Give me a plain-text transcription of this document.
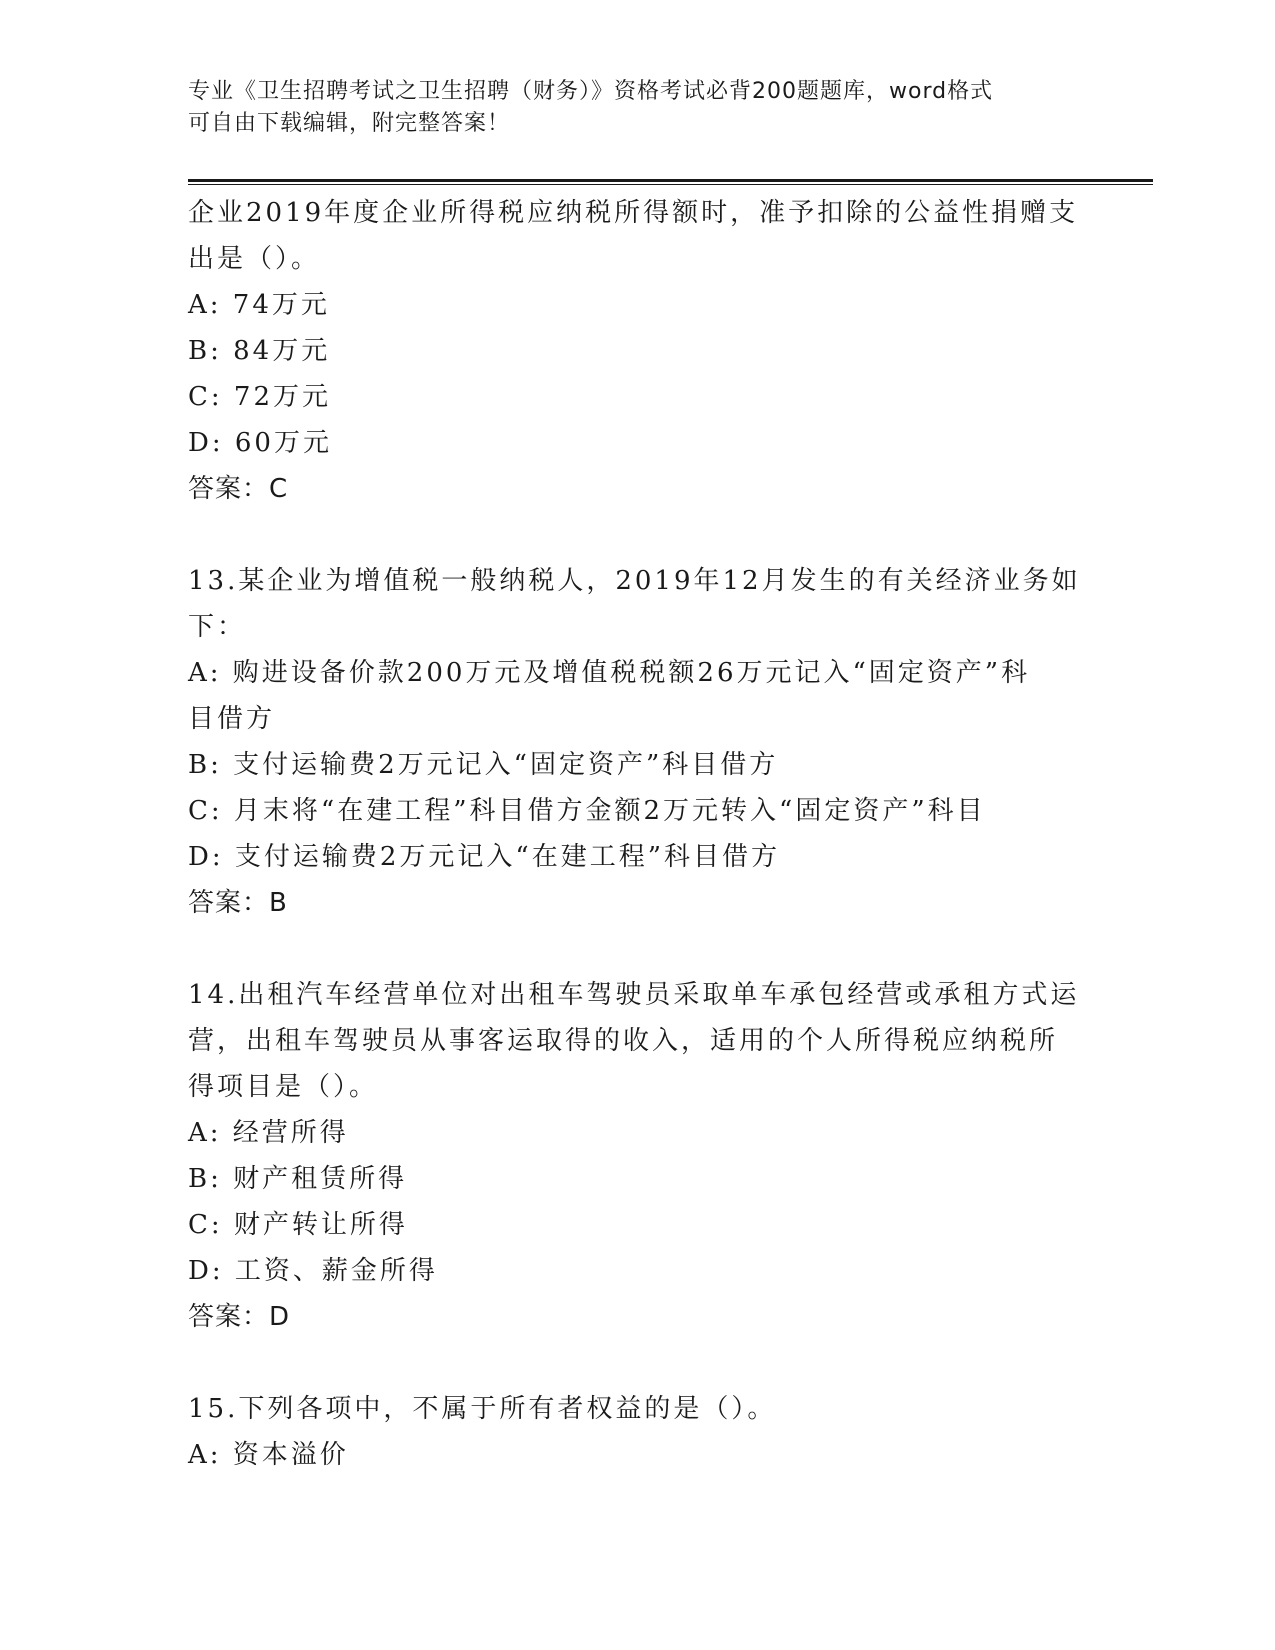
专业《卫生招聘考试之卫生招聘（财务）》资格考试必背200题题库，word格式
可自由下载编辑，附完整答案！
企业2019年度企业所得税应纳税所得额时，准予扣除的公益性捐赠支
出是（）。
A: 74万元
B: 84万元
C: 72万元
D: 60万元
答案：C
13.某企业为增值税一般纳税人，2019年12月发生的有关经济业务如
下：
A: 购进设备价款200万元及增值税税额26万元记入“固定资产”科
目借方
B: 支付运输费2万元记入“固定资产”科目借方
C: 月末将“在建工程”科目借方金额2万元转入“固定资产”科目
D: 支付运输费2万元记入“在建工程”科目借方
答案：B
14.出租汽车经营单位对出租车驾驶员采取单车承包经营或承租方式运
营，出租车驾驶员从事客运取得的收入，适用的个人所得税应纳税所
得项目是（）。
A: 经营所得
B: 财产租赁所得
C: 财产转让所得
D: 工资、薪金所得
答案：D
15.下列各项中，不属于所有者权益的是（）。
A: 资本溢价
